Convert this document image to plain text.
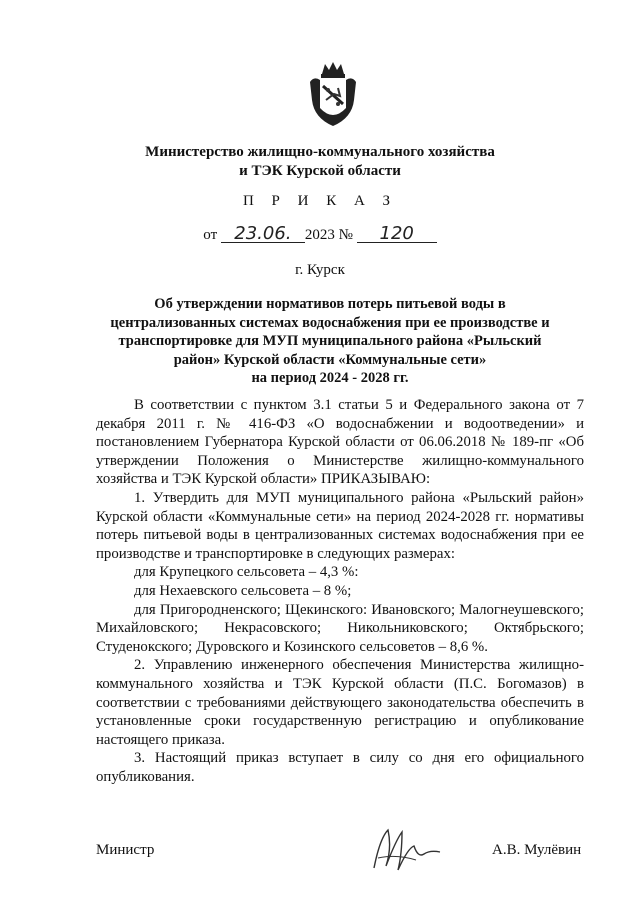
Министерство жилищно-коммунального хозяйства
и ТЭК Курской области
П Р И К А З
от 23.06. 2023 № 120
г. Курск
Об утверждении нормативов потерь питьевой воды в
централизованных системах водоснабжения при ее производстве и
транспортировке для МУП муниципального района «Рыльский
район» Курской области «Коммунальные сети»
на период 2024 - 2028 гг.

В соответствии с пунктом 3.1 статьи 5 и Федерального закона от 7 декабря 2011 г. № 416-ФЗ «О водоснабжении и водоотведении» и постановлением Губернатора Курской области от 06.06.2018 № 189-пг «Об утверждении Положения о Министерстве жилищно-коммунального хозяйства и ТЭК Курской области» ПРИКАЗЫВАЮ:

1. Утвердить для МУП муниципального района «Рыльский район» Курской области «Коммунальные сети» на период 2024-2028 гг. нормативы потерь питьевой воды в централизованных системах водоснабжения при ее производстве и транспортировке в следующих размерах:

для Крупецкого сельсовета – 4,3 %:

для Нехаевского сельсовета – 8 %;

для Пригородненского; Щекинского: Ивановского; Малогнеушевского; Михайловского; Некрасовского; Никольниковского; Октябрьского; Студенокского; Дуровского и Козинского сельсоветов – 8,6 %.

2. Управлению инженерного обеспечения Министерства жилищно-коммунального хозяйства и ТЭК Курской области (П.С. Богомазов) в соответствии с требованиями действующего законодательства обеспечить в установленные сроки государственную регистрацию и опубликование настоящего приказа.

3. Настоящий приказ вступает в силу со дня его официального опубликования.

Министр	А.В. Мулёвин
